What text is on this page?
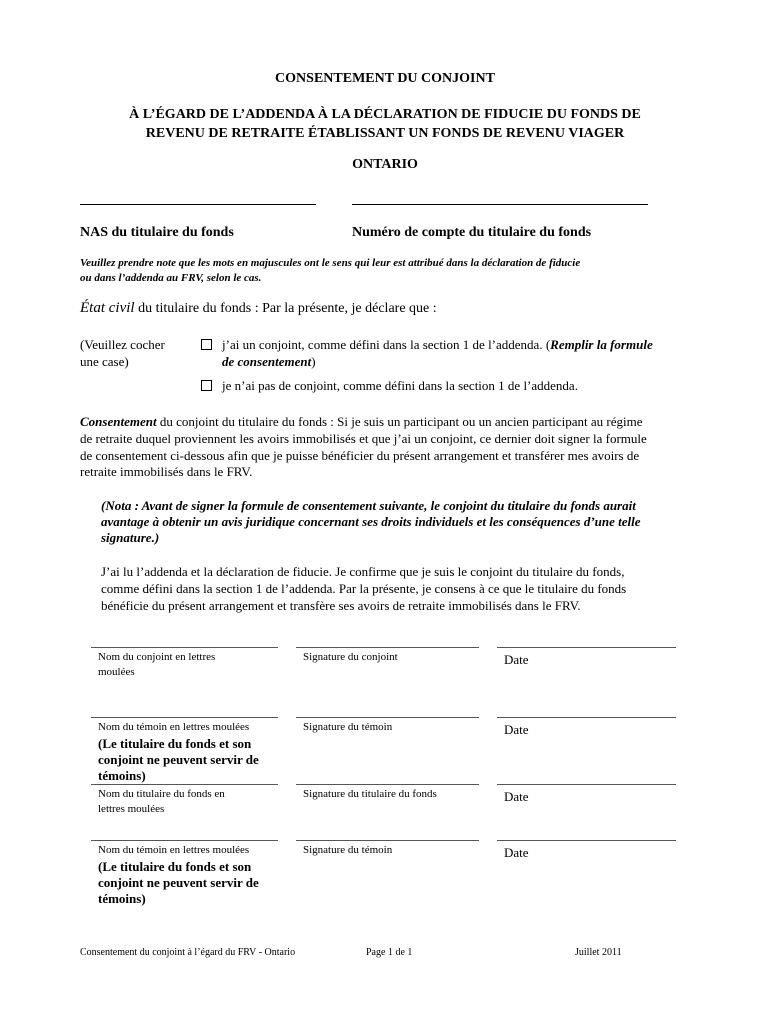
CONSENTEMENT DU CONJOINT
À L’ÉGARD DE L’ADDENDA À LA DÉCLARATION DE FIDUCIE DU FONDS DE
REVENU DE RETRAITE ÉTABLISSANT UN FONDS DE REVENU VIAGER
ONTARIO
NAS du titulaire du fonds	Numéro de compte du titulaire du fonds
Veuillez prendre note que les mots en majuscules ont le sens qui leur est attribué dans la déclaration de fiducie
ou dans l’addenda au FRV, selon le cas.
État civil du titulaire du fonds : Par la présente, je déclare que :
(Veuillez cocher
une case)
j’ai un conjoint, comme défini dans la section 1 de l’addenda. (Remplir la formule
de consentement)
je n’ai pas de conjoint, comme défini dans la section 1 de l’addenda.
Consentement du conjoint du titulaire du fonds : Si je suis un participant ou un ancien participant au régime
de retraite duquel proviennent les avoirs immobilisés et que j’ai un conjoint, ce dernier doit signer la formule
de consentement ci-dessous afin que je puisse bénéficier du présent arrangement et transférer mes avoirs de
retraite immobilisés dans le FRV.
(Nota : Avant de signer la formule de consentement suivante, le conjoint du titulaire du fonds aurait
avantage à obtenir un avis juridique concernant ses droits individuels et les conséquences d’une telle
signature.)
J’ai lu l’addenda et la déclaration de fiducie. Je confirme que je suis le conjoint du titulaire du fonds,
comme défini dans la section 1 de l’addenda. Par la présente, je consens à ce que le titulaire du fonds
bénéficie du présent arrangement et transfère ses avoirs de retraite immobilisés dans le FRV.
Nom du conjoint en lettres
moulées
Signature du conjoint	Date
Nom du témoin en lettres moulées
(Le titulaire du fonds et son
conjoint ne peuvent servir de
témoins)
Signature du témoin	Date
Nom du titulaire du fonds en
lettres moulées
Signature du titulaire du fonds	Date
Nom du témoin en lettres moulées
(Le titulaire du fonds et son
conjoint ne peuvent servir de
témoins)
Signature du témoin	Date
Consentement du conjoint à l’égard du FRV - Ontario	Page 1 de 1	Juillet 2011
